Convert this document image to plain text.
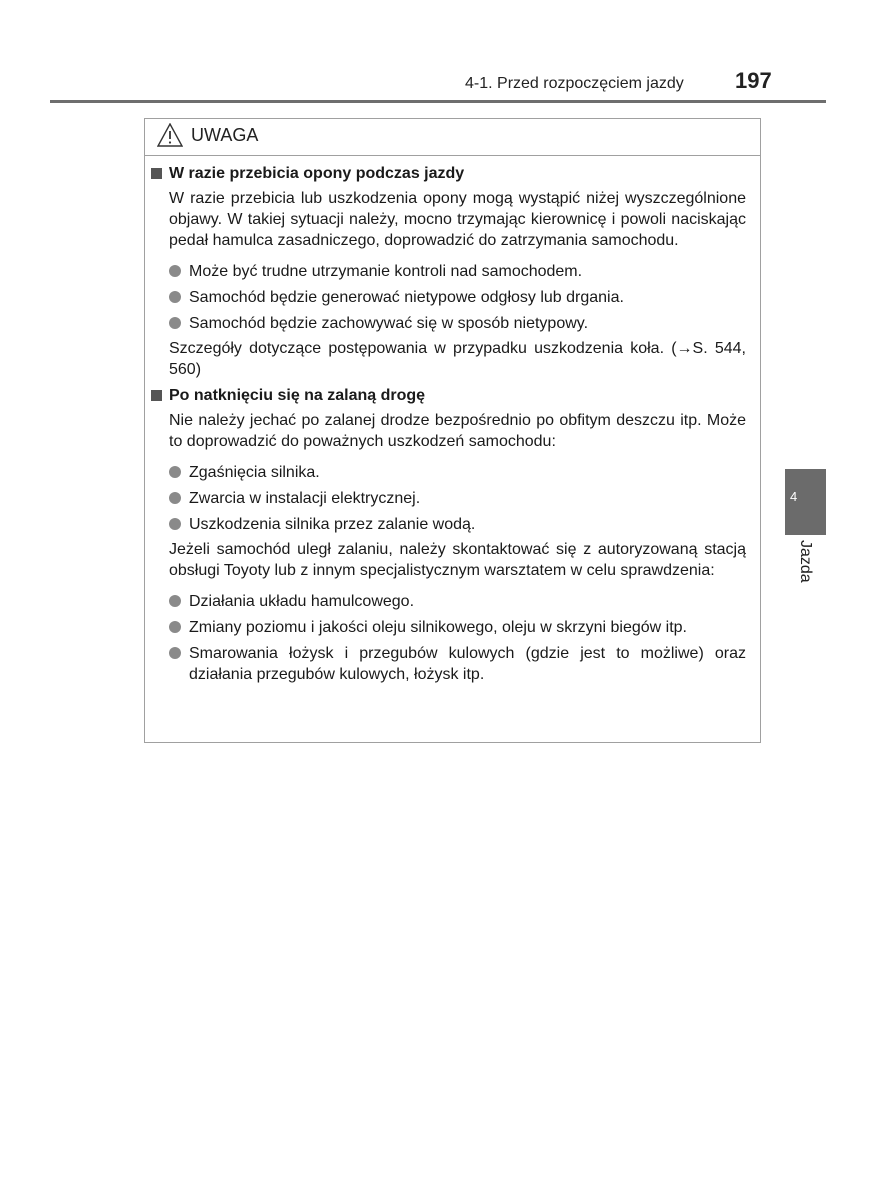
4-1. Przed rozpoczęciem jazdy 197
UWAGA
W razie przebicia opony podczas jazdy
W razie przebicia lub uszkodzenia opony mogą wystąpić niżej wyszczególnione objawy. W takiej sytuacji należy, mocno trzymając kierownicę i powoli naciskając pedał hamulca zasadniczego, doprowadzić do zatrzymania samochodu.
Może być trudne utrzymanie kontroli nad samochodem.
Samochód będzie generować nietypowe odgłosy lub drgania.
Samochód będzie zachowywać się w sposób nietypowy.
Szczegóły dotyczące postępowania w przypadku uszkodzenia koła. (→S. 544, 560)
Po natknięciu się na zalaną drogę
Nie należy jechać po zalanej drodze bezpośrednio po obfitym deszczu itp. Może to doprowadzić do poważnych uszkodzeń samochodu:
Zgaśnięcia silnika.
Zwarcia w instalacji elektrycznej.
Uszkodzenia silnika przez zalanie wodą.
Jeżeli samochód uległ zalaniu, należy skontaktować się z autoryzowaną stacją obsługi Toyoty lub z innym specjalistycznym warsztatem w celu sprawdzenia:
Działania układu hamulcowego.
Zmiany poziomu i jakości oleju silnikowego, oleju w skrzyni biegów itp.
Smarowania łożysk i przegubów kulowych (gdzie jest to możliwe) oraz działania przegubów kulowych, łożysk itp.
4
Jazda
